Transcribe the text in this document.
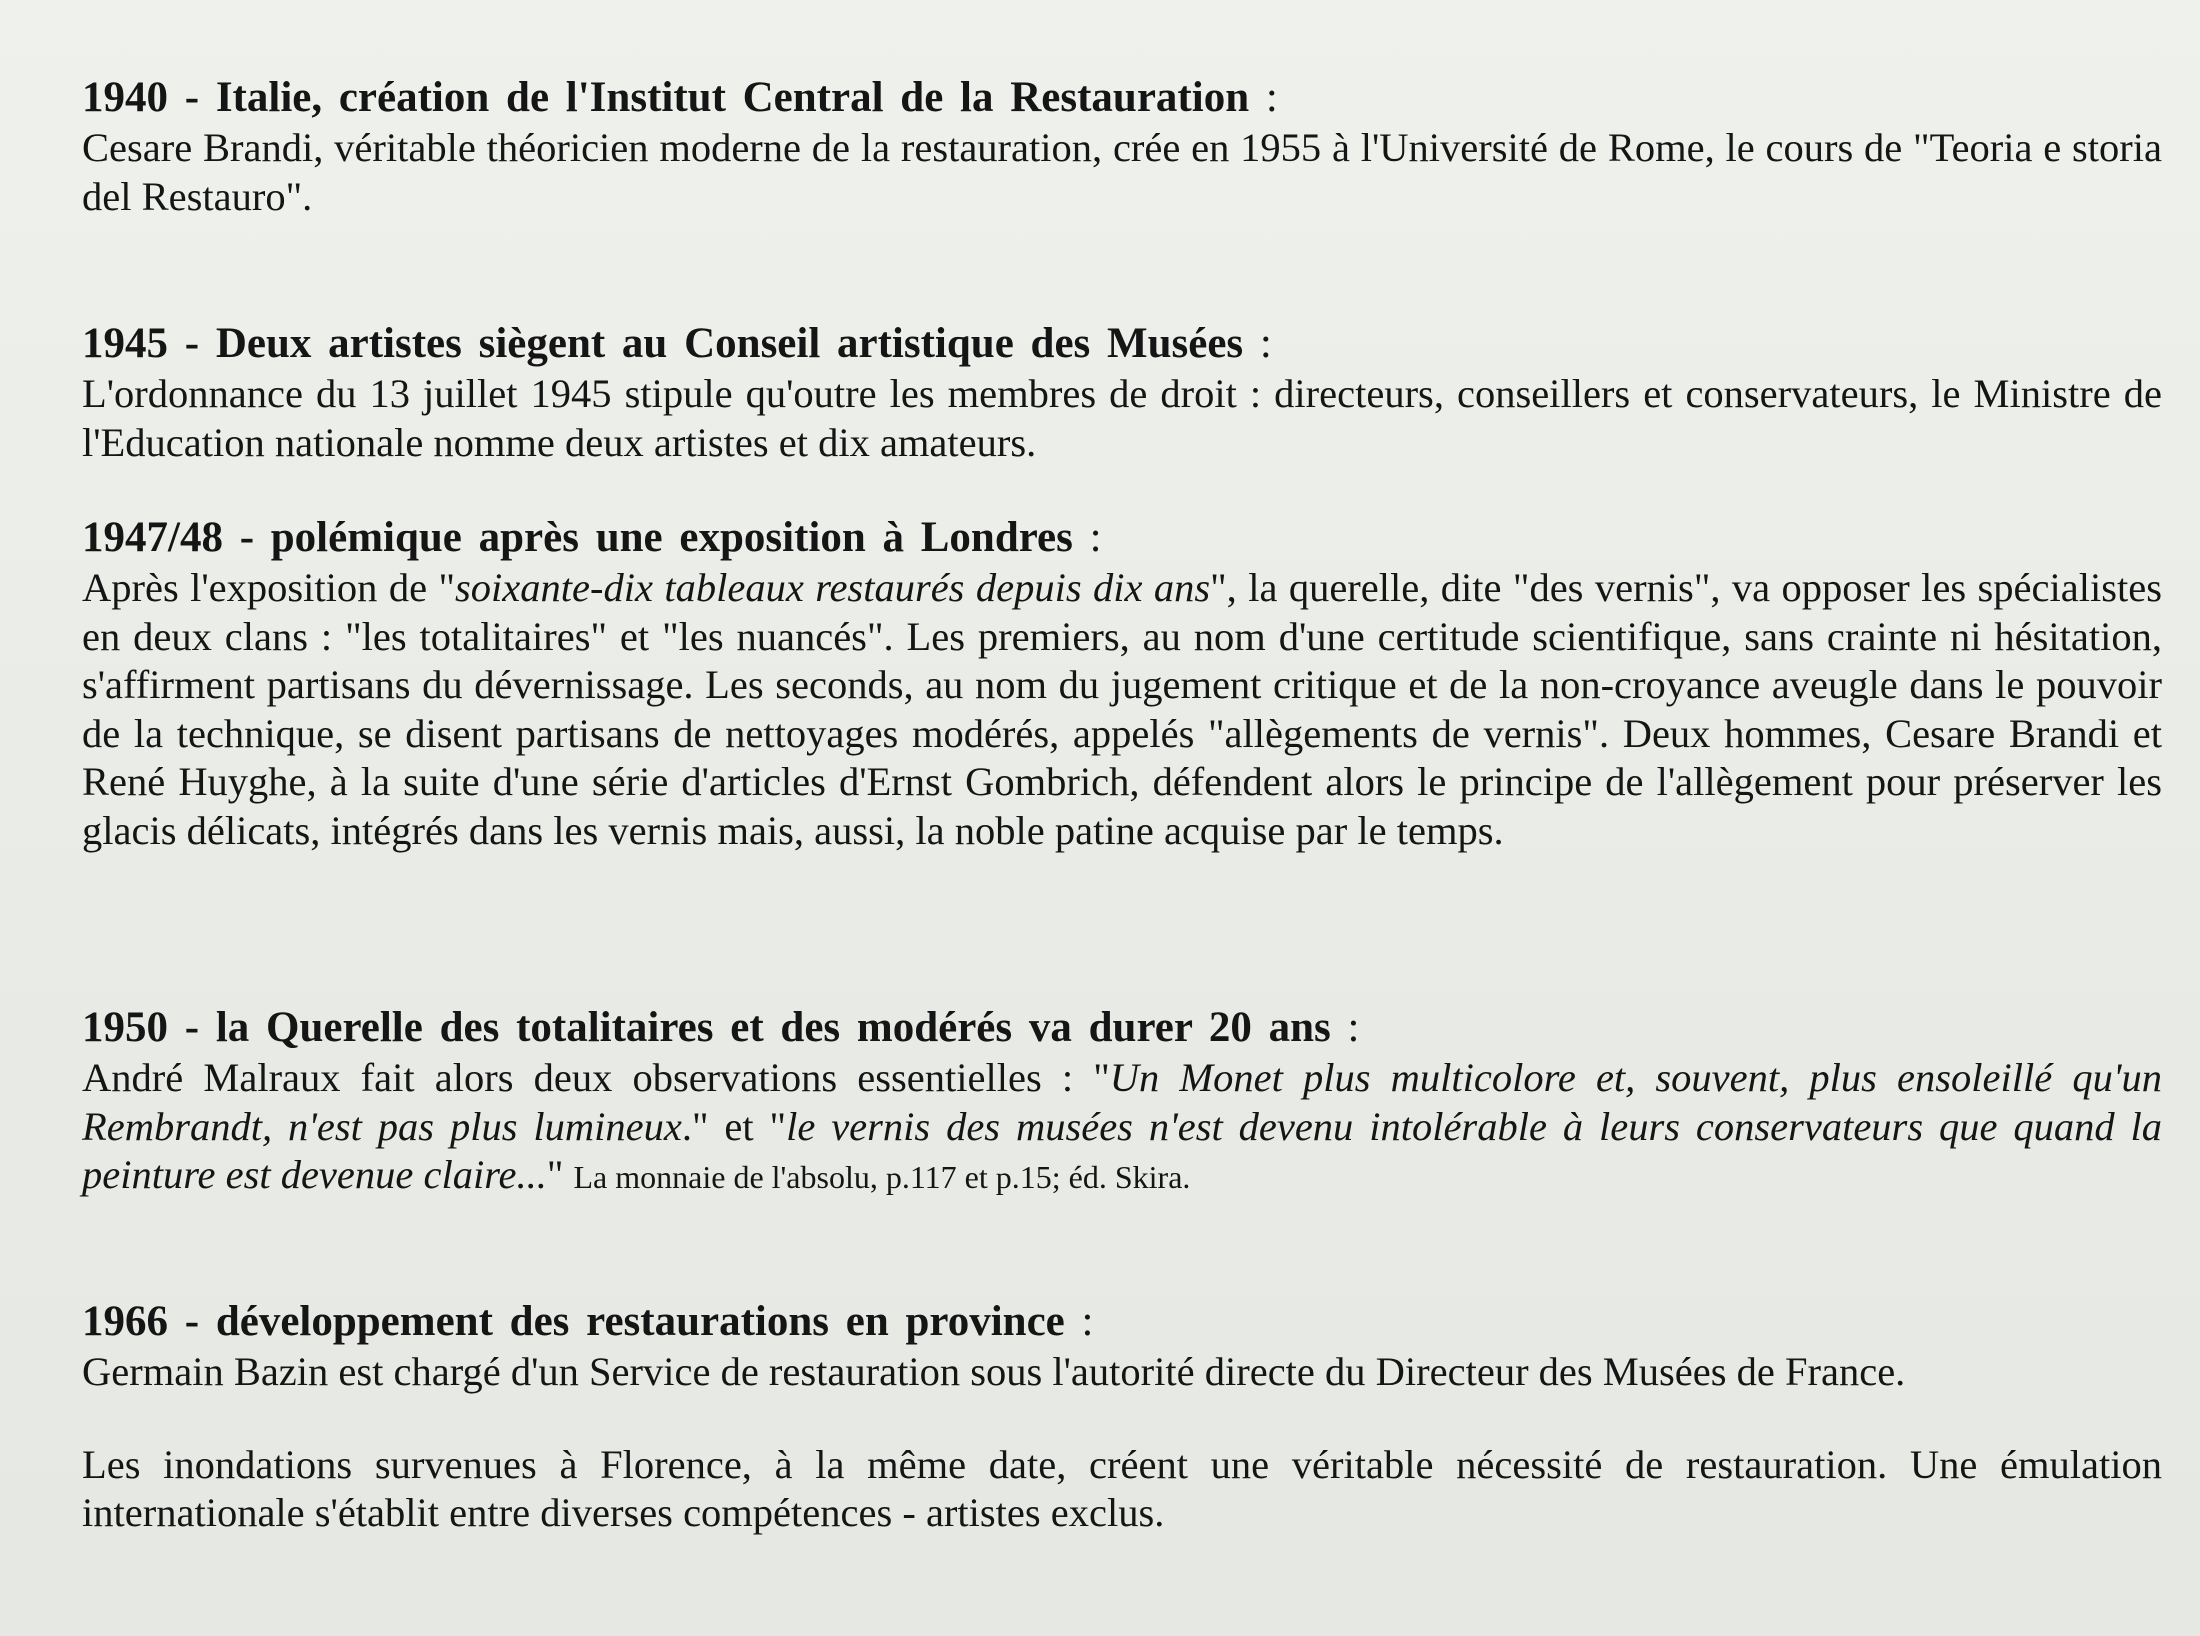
1940 - Italie, création de l'Institut Central de la Restauration :
Cesare Brandi, véritable théoricien moderne de la restauration, crée en 1955 à l'Université de Rome, le cours de "Teoria e storia del Restauro".
1945 - Deux artistes siègent au Conseil artistique des Musées :
L'ordonnance du 13 juillet 1945 stipule qu'outre les membres de droit : directeurs, conseillers et conservateurs, le Ministre de l'Education nationale nomme deux artistes et dix amateurs.
1947/48 - polémique après une exposition à Londres :
Après l'exposition de "soixante-dix tableaux restaurés depuis dix ans", la querelle, dite "des vernis", va opposer les spécialistes en deux clans : "les totalitaires" et "les nuancés". Les premiers, au nom d'une certitude scientifique, sans crainte ni hésitation, s'affirment partisans du dévernissage. Les seconds, au nom du jugement critique et de la non-croyance aveugle dans le pouvoir de la technique, se disent partisans de nettoyages modérés, appelés "allègements de vernis". Deux hommes, Cesare Brandi et René Huyghe, à la suite d'une série d'articles d'Ernst Gombrich, défendent alors le principe de l'allègement pour préserver les glacis délicats, intégrés dans les vernis mais, aussi, la noble patine acquise par le temps.
1950 - la Querelle des totalitaires et des modérés va durer 20 ans :
André Malraux fait alors deux observations essentielles : "Un Monet plus multicolore et, souvent, plus ensoleillé qu'un Rembrandt, n'est pas plus lumineux." et "le vernis des musées n'est devenu intolérable à leurs conservateurs que quand la peinture est devenue claire..." La monnaie de l'absolu, p.117 et p.15; éd. Skira.
1966 - développement des restaurations en province :
Germain Bazin est chargé d'un Service de restauration sous l'autorité directe du Directeur des Musées de France.
Les inondations survenues à Florence, à la même date, créent une véritable nécessité de restauration. Une émulation internationale s'établit entre diverses compétences - artistes exclus.
